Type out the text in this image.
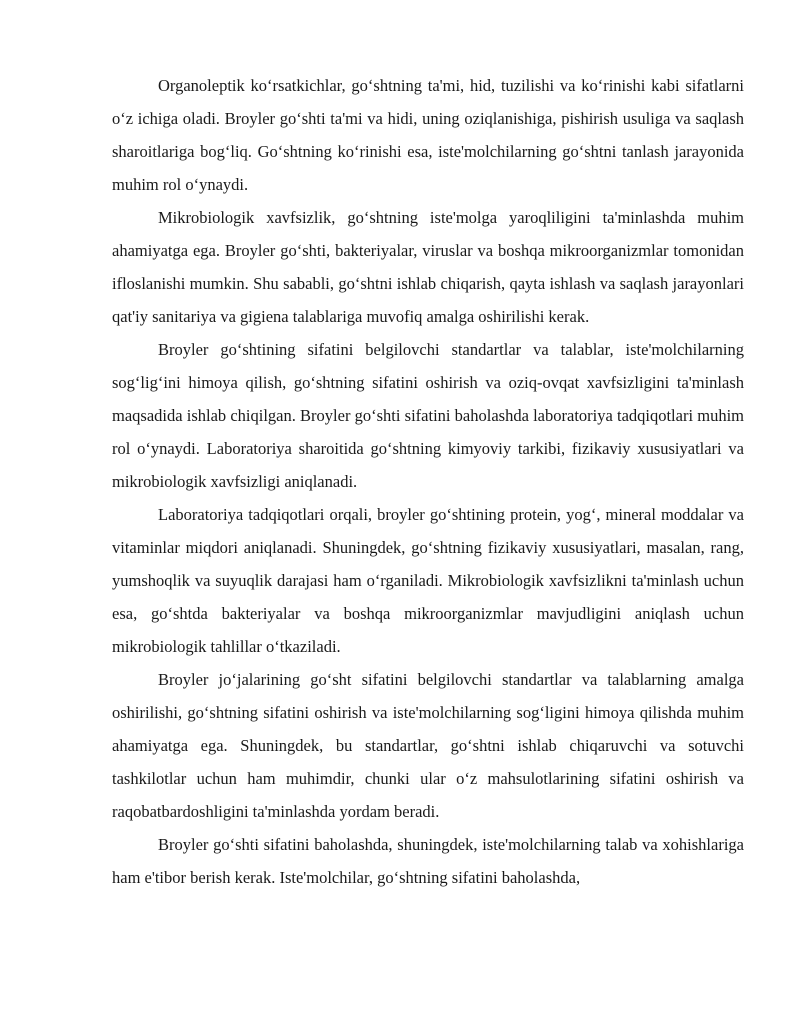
Organoleptik ko‘rsatkichlar, go‘shtning ta'mi, hid, tuzilishi va ko‘rinishi kabi sifatlarni o‘z ichiga oladi. Broyler go‘shti ta'mi va hidi, uning oziqlanishiga, pishirish usuliga va saqlash sharoitlariga bog‘liq. Go‘shtning ko‘rinishi esa, iste'molchilarning go‘shtni tanlash jarayonida muhim rol o‘ynaydi.

Mikrobiologik xavfsizlik, go‘shtning iste'molga yaroqliligini ta'minlashda muhim ahamiyatga ega. Broyler go‘shti, bakteriyalar, viruslar va boshqa mikroorganizmlar tomonidan ifloslanishi mumkin. Shu sababli, go‘shtni ishlab chiqarish, qayta ishlash va saqlash jarayonlari qat'iy sanitariya va gigiena talablariga muvofiq amalga oshirilishi kerak.

Broyler go‘shtining sifatini belgilovchi standartlar va talablar, iste'molchilarning sog‘lig‘ini himoya qilish, go‘shtning sifatini oshirish va oziq-ovqat xavfsizligini ta'minlash maqsadida ishlab chiqilgan. Broyler go‘shti sifatini baholashda laboratoriya tadqiqotlari muhim rol o‘ynaydi. Laboratoriya sharoitida go‘shtning kimyoviy tarkibi, fizikaviy xususiyatlari va mikrobiologik xavfsizligi aniqlanadi.

Laboratoriya tadqiqotlari orqali, broyler go‘shtining protein, yog‘, mineral moddalar va vitaminlar miqdori aniqlanadi. Shuningdek, go‘shtning fizikaviy xususiyatlari, masalan, rang, yumshoqlik va suyuqlik darajasi ham o‘rganiladi. Mikrobiologik xavfsizlikni ta'minlash uchun esa, go‘shtda bakteriyalar va boshqa mikroorganizmlar mavjudligini aniqlash uchun mikrobiologik tahlillar o‘tkaziladi.

Broyler jo‘jalarining go‘sht sifatini belgilovchi standartlar va talablarning amalga oshirilishi, go‘shtning sifatini oshirish va iste'molchilarning sog‘ligini himoya qilishda muhim ahamiyatga ega. Shuningdek, bu standartlar, go‘shtni ishlab chiqaruvchi va sotuvchi tashkilotlar uchun ham muhimdir, chunki ular o‘z mahsulotlarining sifatini oshirish va raqobatbardoshligini ta'minlashda yordam beradi.

Broyler go‘shti sifatini baholashda, shuningdek, iste'molchilarning talab va xohishlariga ham e'tibor berish kerak. Iste'molchilar, go‘shtning sifatini baholashda,
